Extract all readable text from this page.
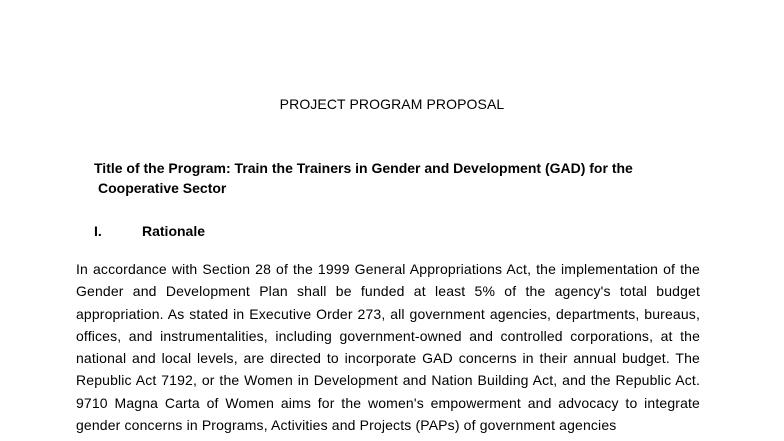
PROJECT PROGRAM PROPOSAL
Title of the Program: Train the Trainers in Gender and Development (GAD) for the
Cooperative Sector
I.	Rationale
In accordance with Section 28 of the 1999 General Appropriations Act, the implementation of the Gender and Development Plan shall be funded at least 5% of the agency's total budget appropriation. As stated in Executive Order 273, all government agencies, departments, bureaus, offices, and instrumentalities, including government-owned and controlled corporations, at the national and local levels, are directed to incorporate GAD concerns in their annual budget. The Republic Act 7192, or the Women in Development and Nation Building Act, and the Republic Act. 9710 Magna Carta of Women aims for the women's empowerment and advocacy to integrate gender concerns in Programs, Activities and Projects (PAPs) of government agencies
